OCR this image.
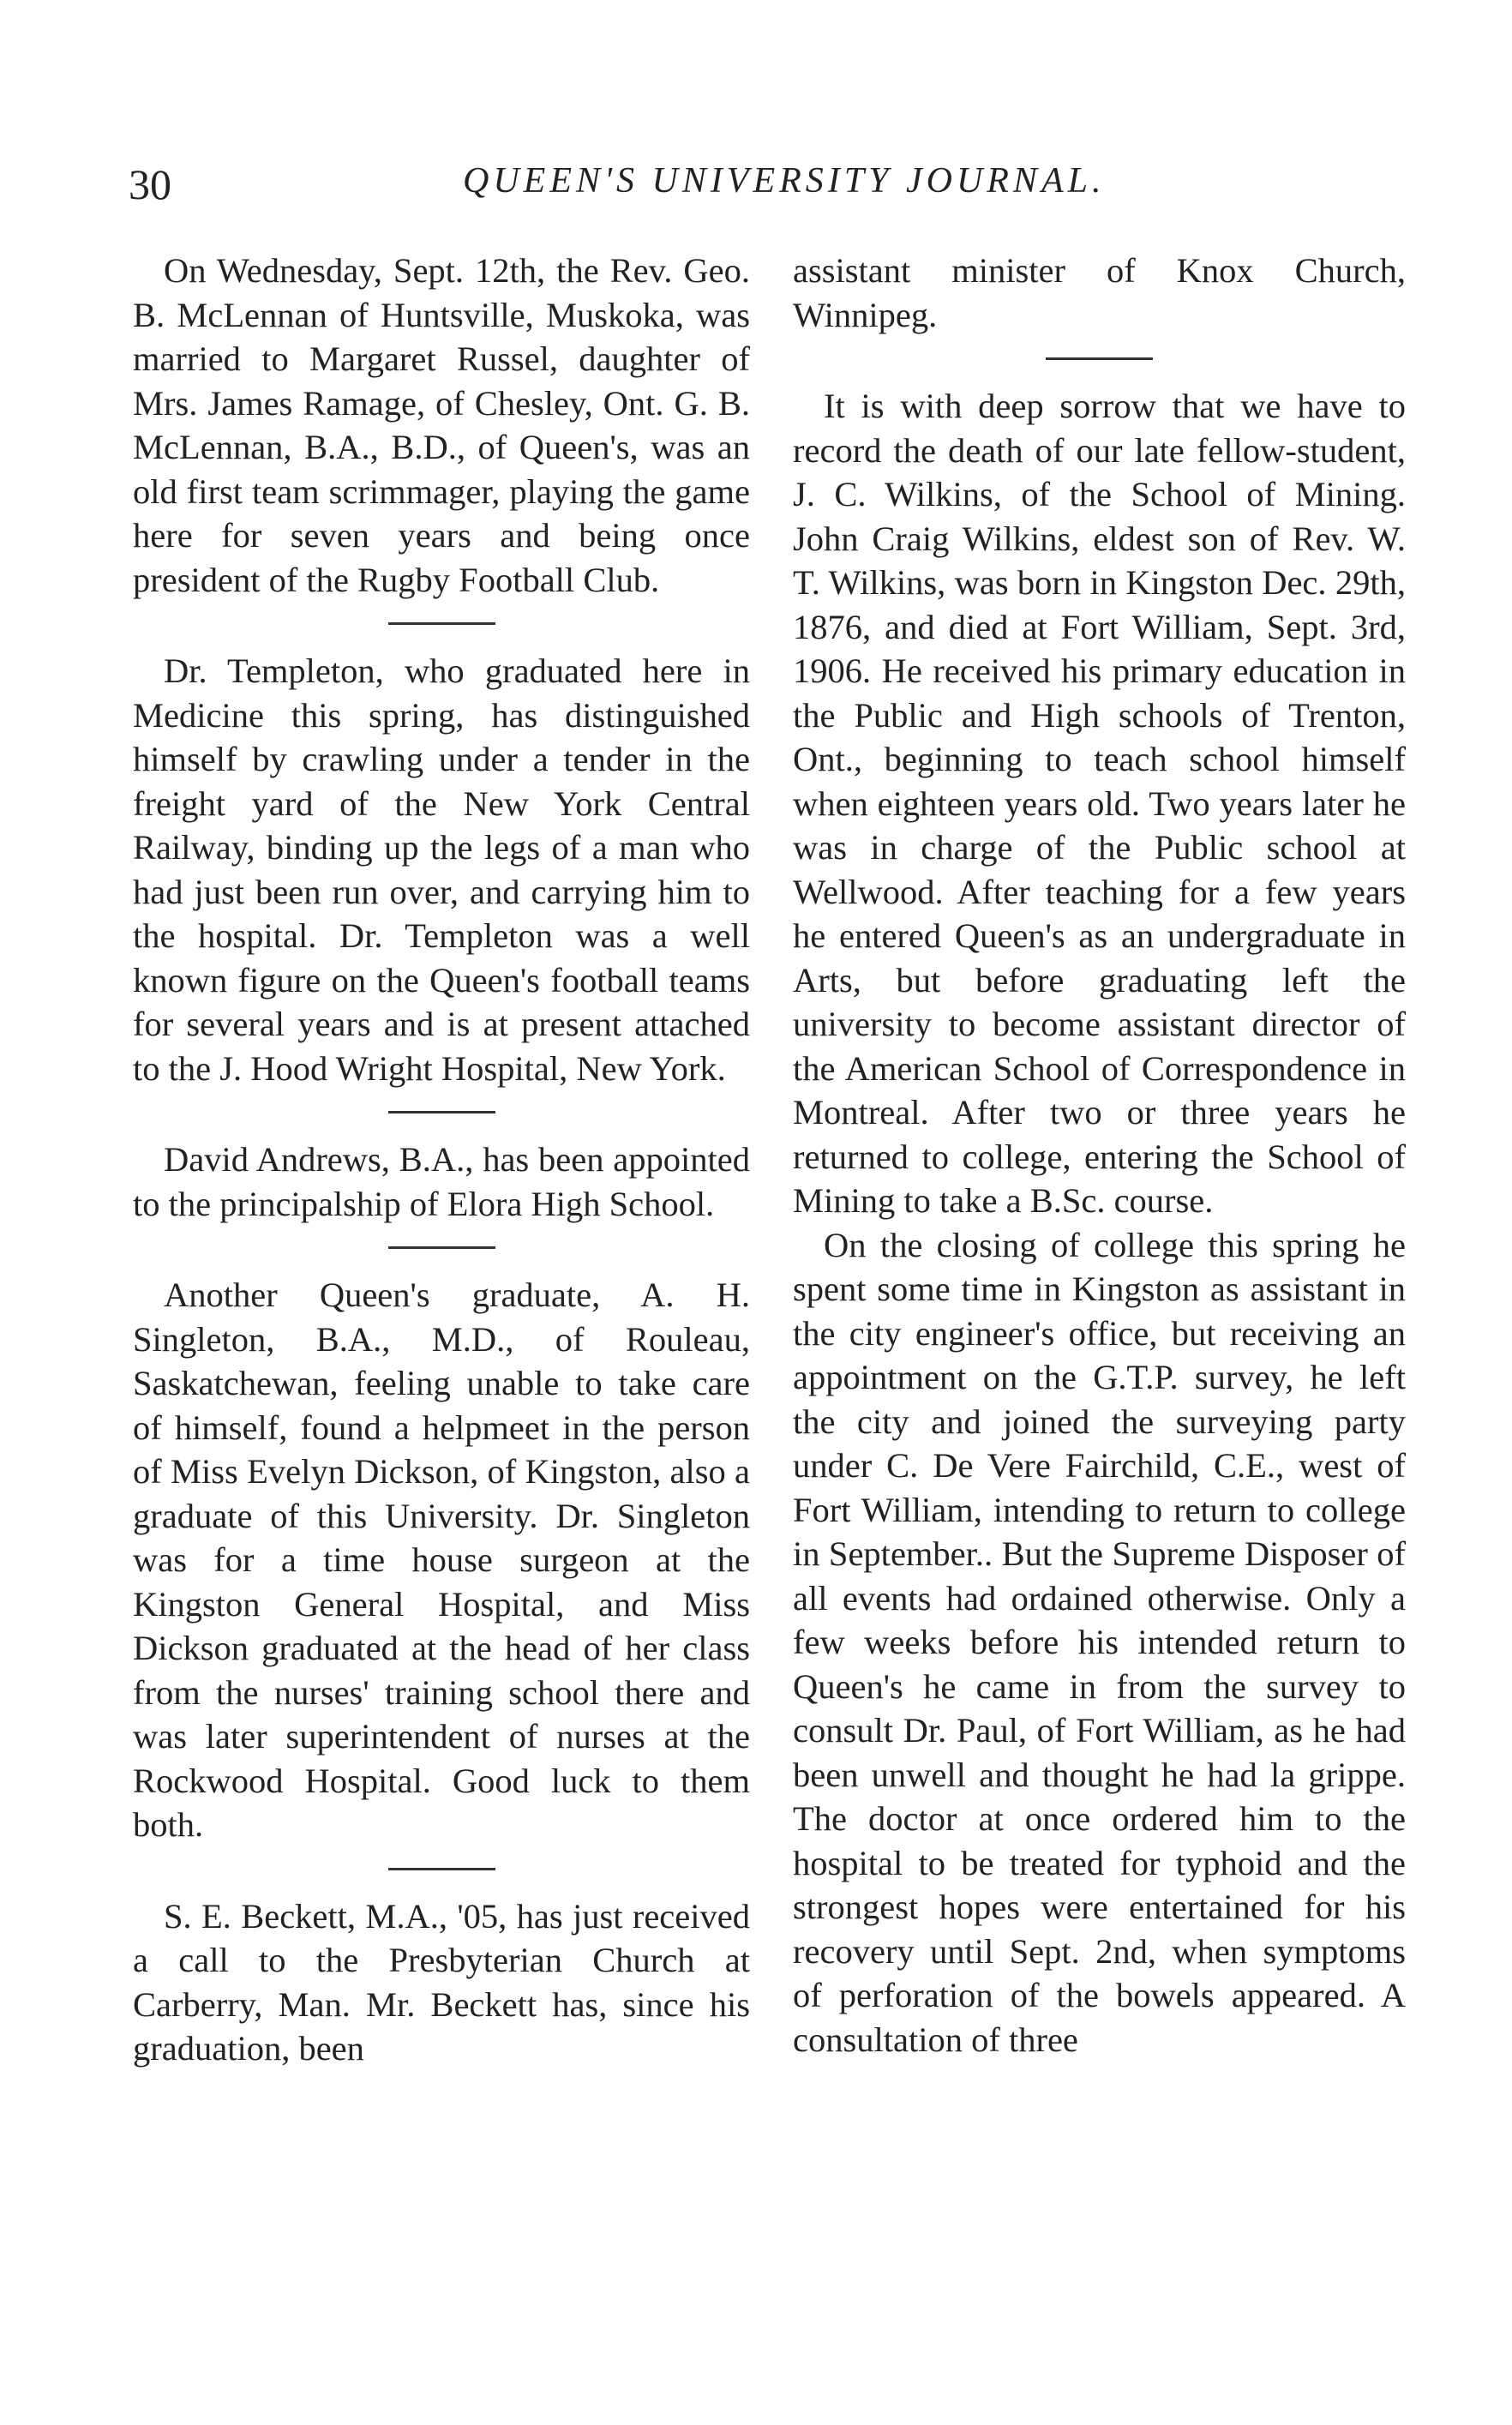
30	QUEEN'S UNIVERSITY JOURNAL.

On Wednesday, Sept. 12th, the Rev. Geo. B. McLennan of Huntsville, Muskoka, was married to Margaret Russel, daughter of Mrs. James Ramage, of Chesley, Ont. G. B. McLennan, B.A., B.D., of Queen's, was an old first team scrimmager, playing the game here for seven years and being once president of the Rugby Football Club.

Dr. Templeton, who graduated here in Medicine this spring, has distinguished himself by crawling under a tender in the freight yard of the New York Central Railway, binding up the legs of a man who had just been run over, and carrying him to the hospital. Dr. Templeton was a well known figure on the Queen's football teams for several years and is at present attached to the J. Hood Wright Hospital, New York.

David Andrews, B.A., has been appointed to the principalship of Elora High School.

Another Queen's graduate, A. H. Singleton, B.A., M.D., of Rouleau, Saskatchewan, feeling unable to take care of himself, found a helpmeet in the person of Miss Evelyn Dickson, of Kingston, also a graduate of this University. Dr. Singleton was for a time house surgeon at the Kingston General Hospital, and Miss Dickson graduated at the head of her class from the nurses' training school there and was later superintendent of nurses at the Rockwood Hospital. Good luck to them both.

S. E. Beckett, M.A., '05, has just received a call to the Presbyterian Church at Carberry, Man. Mr. Beckett has, since his graduation, been

assistant minister of Knox Church, Winnipeg.

It is with deep sorrow that we have to record the death of our late fellow-student, J. C. Wilkins, of the School of Mining. John Craig Wilkins, eldest son of Rev. W. T. Wilkins, was born in Kingston Dec. 29th, 1876, and died at Fort William, Sept. 3rd, 1906. He received his primary education in the Public and High schools of Trenton, Ont., beginning to teach school himself when eighteen years old. Two years later he was in charge of the Public school at Wellwood. After teaching for a few years he entered Queen's as an undergraduate in Arts, but before graduating left the university to become assistant director of the American School of Correspondence in Montreal. After two or three years he returned to college, entering the School of Mining to take a B.Sc. course.

On the closing of college this spring he spent some time in Kingston as assistant in the city engineer's office, but receiving an appointment on the G.T.P. survey, he left the city and joined the surveying party under C. De Vere Fairchild, C.E., west of Fort William, intending to return to college in September.. But the Supreme Disposer of all events had ordained otherwise. Only a few weeks before his intended return to Queen's he came in from the survey to consult Dr. Paul, of Fort William, as he had been unwell and thought he had la grippe. The doctor at once ordered him to the hospital to be treated for typhoid and the strongest hopes were entertained for his recovery until Sept. 2nd, when symptoms of perforation of the bowels appeared. A consultation of three
